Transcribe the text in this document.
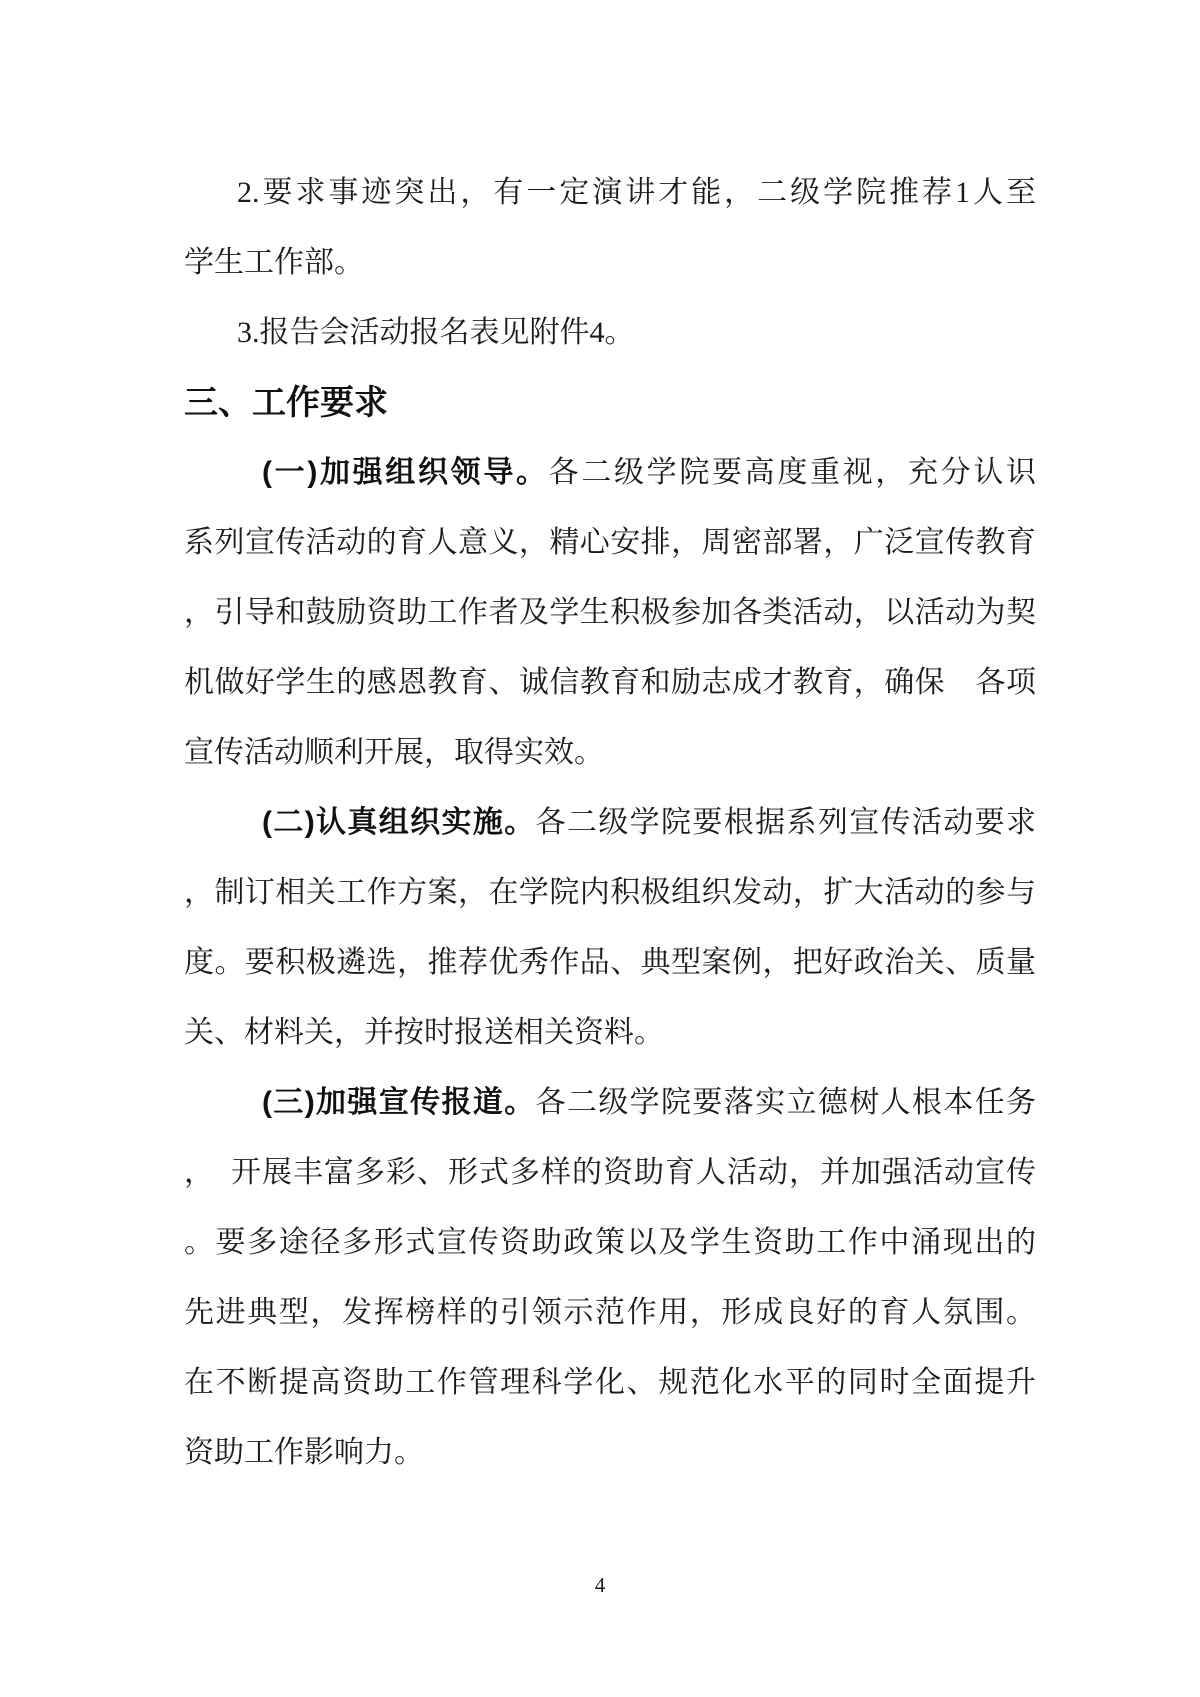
2.要求事迹突出，有一定演讲才能，二级学院推荐1人至
学生工作部。
3.报告会活动报名表见附件4。
三、工作要求
(一)加强组织领导。各二级学院要高度重视，充分认识
系列宣传活动的育人意义，精心安排，周密部署，广泛宣传教育
，引导和鼓励资助工作者及学生积极参加各类活动，以活动为契
机做好学生的感恩教育、诚信教育和励志成才教育，确保　各项
宣传活动顺利开展，取得实效。
(二)认真组织实施。各二级学院要根据系列宣传活动要求
，制订相关工作方案，在学院内积极组织发动，扩大活动的参与
度。要积极遴选，推荐优秀作品、典型案例，把好政治关、质量
关、材料关，并按时报送相关资料。
(三)加强宣传报道。各二级学院要落实立德树人根本任务
，　开展丰富多彩、形式多样的资助育人活动，并加强活动宣传
。要多途径多形式宣传资助政策以及学生资助工作中涌现出的
先进典型，发挥榜样的引领示范作用，形成良好的育人氛围。
在不断提高资助工作管理科学化、规范化水平的同时全面提升
资助工作影响力。
4
